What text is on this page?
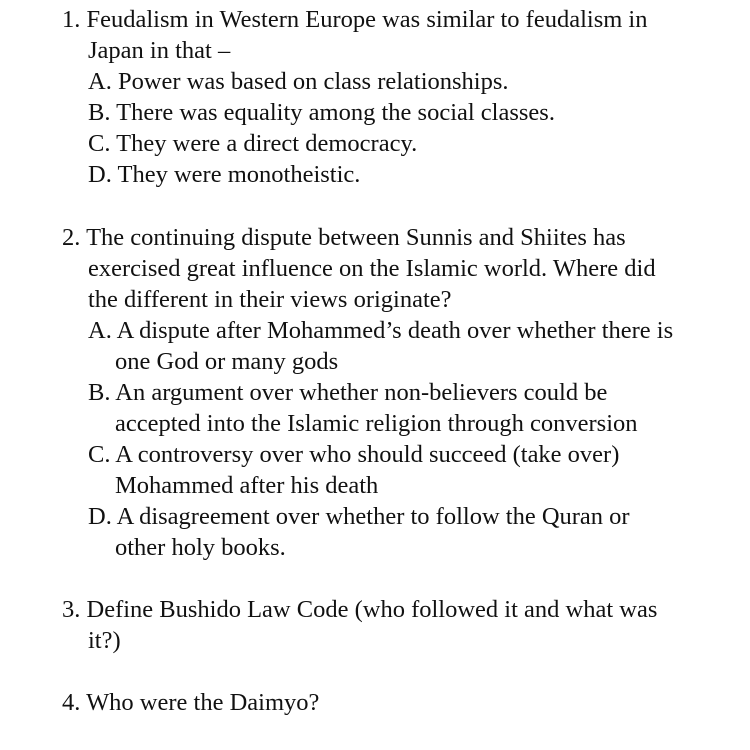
1. Feudalism in Western Europe was similar to feudalism in
Japan in that –
A. Power was based on class relationships.
B. There was equality among the social classes.
C. They were a direct democracy.
D. They were monotheistic.
2. The continuing dispute between Sunnis and Shiites has
exercised great influence on the Islamic world. Where did
the different in their views originate?
A. A dispute after Mohammed’s death over whether there is
one God or many gods
B. An argument over whether non-believers could be
accepted into the Islamic religion through conversion
C. A controversy over who should succeed (take over)
Mohammed after his death
D. A disagreement over whether to follow the Quran or
other holy books.
3. Define Bushido Law Code (who followed it and what was
it?)
4. Who were the Daimyo?
